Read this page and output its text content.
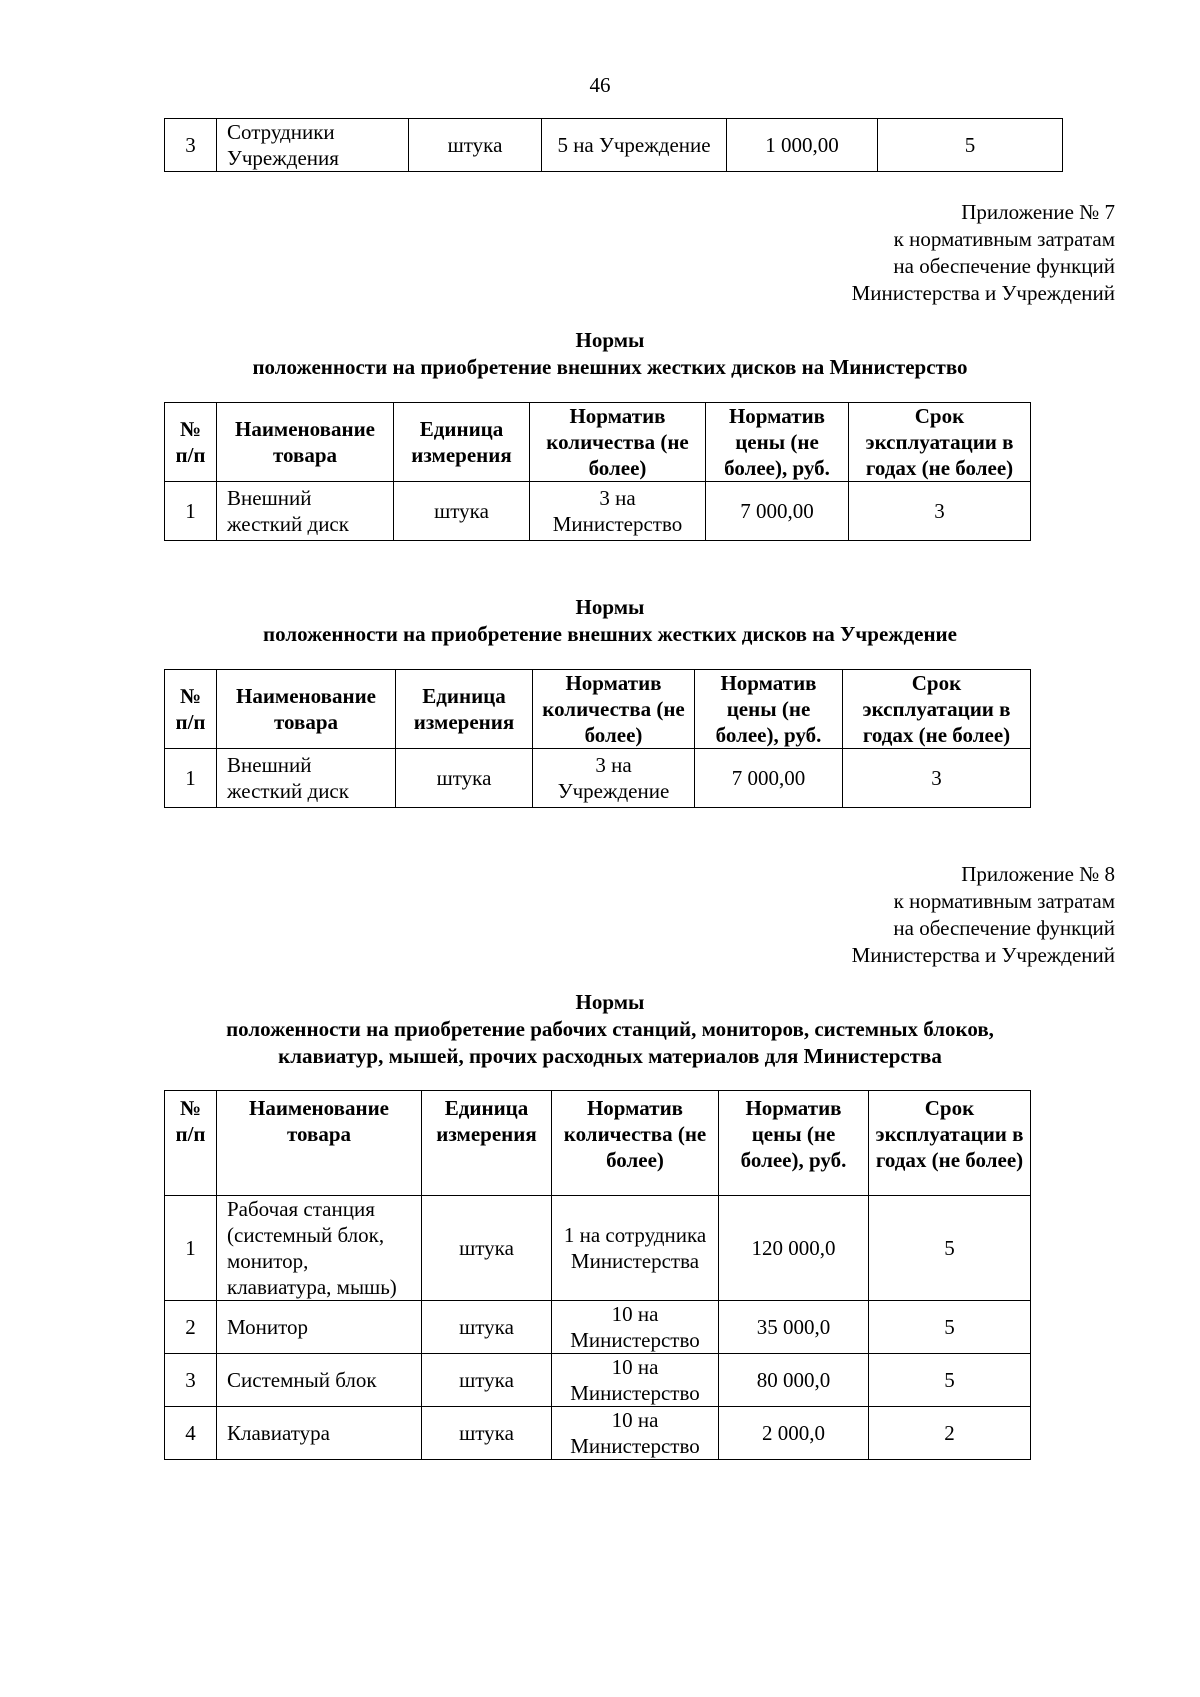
46
3	Сотрудники Учреждения	штука	5 на Учреждение	1 000,00	5
Приложение № 7
к нормативным затратам
на обеспечение функций
Министерства и Учреждений
Нормы
положенности на приобретение внешних жестких дисков на Министерство
№ п/п	Наименование товара	Единица измерения	Норматив количества (не более)	Норматив цены (не более), руб.	Срок эксплуатации в годах (не более)
1	Внешний жесткий диск	штука	3 на Министерство	7 000,00	3
Нормы
положенности на приобретение внешних жестких дисков на Учреждение
№ п/п	Наименование товара	Единица измерения	Норматив количества (не более)	Норматив цены (не более), руб.	Срок эксплуатации в годах (не более)
1	Внешний жесткий диск	штука	3 на Учреждение	7 000,00	3
Приложение № 8
к нормативным затратам
на обеспечение функций
Министерства и Учреждений
Нормы
положенности на приобретение рабочих станций, мониторов, системных блоков,
клавиатур, мышей, прочих расходных материалов для Министерства
№ п/п	Наименование товара	Единица измерения	Норматив количества (не более)	Норматив цены (не более), руб.	Срок эксплуатации в годах (не более)
1	Рабочая станция (системный блок, монитор, клавиатура, мышь)	штука	1 на сотрудника Министерства	120 000,0	5
2	Монитор	штука	10 на Министерство	35 000,0	5
3	Системный блок	штука	10 на Министерство	80 000,0	5
4	Клавиатура	штука	10 на Министерство	2 000,0	2
